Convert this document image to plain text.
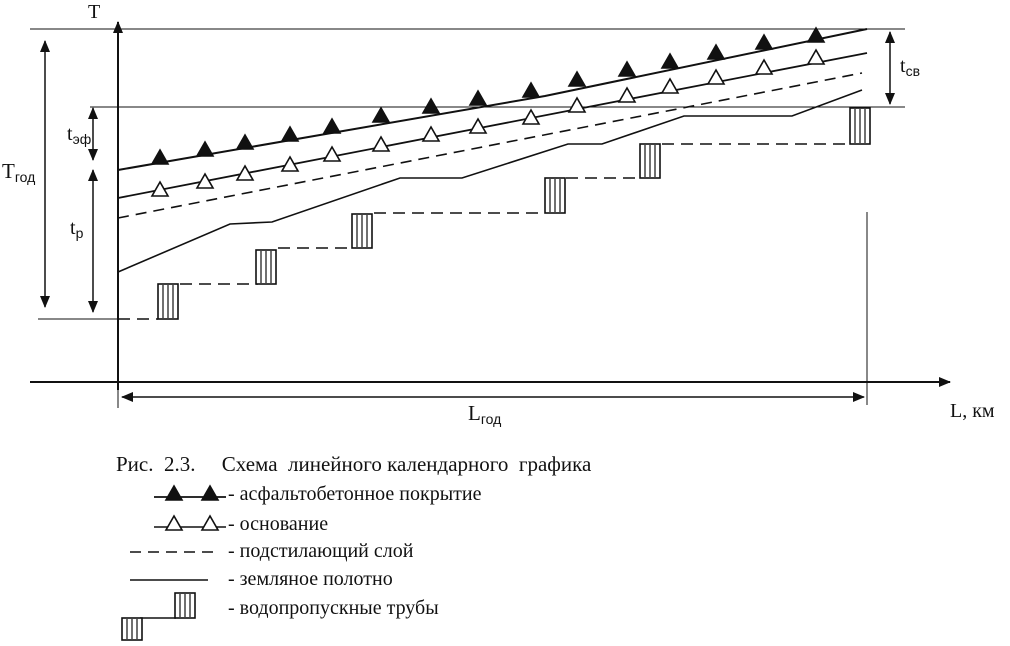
T
L, км
Tгод
$t_{эф}$
$t_р$
$t_{св}$
Lгод
Рис.  2.3. Схема  линейного календарного  графика
- асфальтобетонное покрытие
- основание
- подстилающий слой
- земляное полотно
- водопропускные трубы
